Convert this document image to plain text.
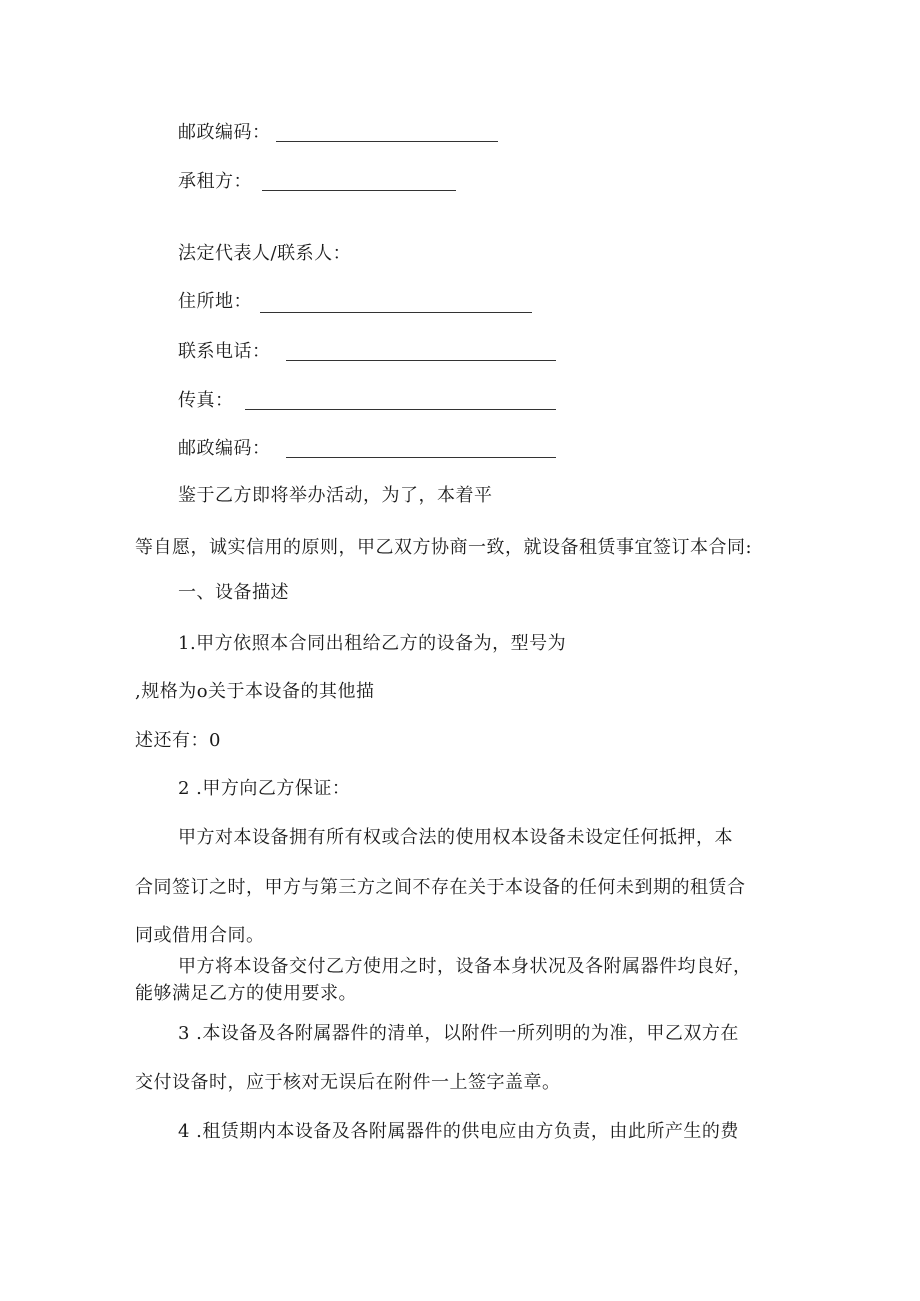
邮政编码：
承租方：
法定代表人/联系人：
住所地：
联系电话：
传真：
邮政编码：
鉴于乙方即将举办活动，为了，本着平
等自愿，诚实信用的原则，甲乙双方协商一致，就设备租赁事宜签订本合同:
一、设备描述
1.甲方依照本合同出租给乙方的设备为，型号为
,规格为o关于本设备的其他描
述还有：0
2 .甲方向乙方保证：
甲方对本设备拥有所有权或合法的使用权本设备未设定任何抵押，本
合同签订之时，甲方与第三方之间不存在关于本设备的任何未到期的租赁合
同或借用合同。
甲方将本设备交付乙方使用之时，设备本身状况及各附属器件均良好，
能够满足乙方的使用要求。
3 .本设备及各附属器件的清单，以附件一所列明的为准，甲乙双方在
交付设备时，应于核对无误后在附件一上签字盖章。
4 .租赁期内本设备及各附属器件的供电应由方负责，由此所产生的费
